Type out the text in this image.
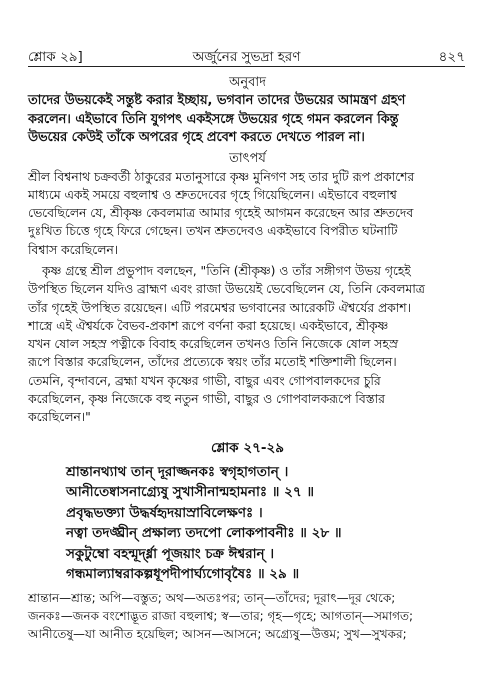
শ্লোক ২৯]	অর্জুনের সুভদ্রা হরণ	৪২৭

অনুবাদ

তাদের উভয়কেই সন্তুষ্ট করার ইচ্ছায়, ভগবান তাদের উভয়ের আমন্ত্রণ গ্রহণ
করলেন। এইভাবে তিনি যুগপৎ একইসঙ্গে উভয়ের গৃহে গমন করলেন কিন্তু
উভয়ের কেউই তাঁকে অপরের গৃহে প্রবেশ করতে দেখতে পারল না।

তাৎপর্য

শ্রীল বিশ্বনাথ চক্রবর্তী ঠাকুরের মতানুসারে কৃষ্ণ মুনিগণ সহ তার দুটি রূপ প্রকাশের
মাধ্যমে একই সময়ে বহুলাশ্ব ও শ্রুতদেবের গৃহে গিয়েছিলেন। এইভাবে বহুলাশ্ব
ভেবেছিলেন যে, শ্রীকৃষ্ণ কেবলমাত্র আমার গৃহেই আগমন করেছেন আর শ্রুতদেব
দুঃখিত চিত্তে গৃহে ফিরে গেছেন। তখন শ্রুতদেবও একইভাবে বিপরীত ঘটনাটি
বিশ্বাস করেছিলেন।

কৃষ্ণ গ্রন্থে শ্রীল প্রভুপাদ বলছেন, "তিনি (শ্রীকৃষ্ণ) ও তাঁর সঙ্গীগণ উভয় গৃহেই
উপস্থিত ছিলেন যদিও ব্রাহ্মণ এবং রাজা উভয়েই ভেবেছিলেন যে, তিনি কেবলমাত্র
তাঁর গৃহেই উপস্থিত রয়েছেন। এটি পরমেশ্বর ভগবানের আরেকটি ঐশ্বর্যের প্রকাশ।
শাস্ত্রে এই ঐশ্বর্যকে বৈভব-প্রকাশ রূপে বর্ণনা করা হয়েছে। একইভাবে, শ্রীকৃষ্ণ
যখন ষোল সহস্র পত্নীকে বিবাহ করেছিলেন তখনও তিনি নিজেকে ষোল সহস্র
রূপে বিস্তার করেছিলেন, তাঁদের প্রত্যেকে স্বয়ং তাঁর মতোই শক্তিশালী ছিলেন।
তেমনি, বৃন্দাবনে, ব্রহ্মা যখন কৃষ্ণের গাভী, বাছুর এবং গোপবালকদের চুরি
করেছিলেন, কৃষ্ণ নিজেকে বহু নতুন গাভী, বাছুর ও গোপবালকরূপে বিস্তার
করেছিলেন।"

শ্লোক ২৭-২৯

শ্রান্তানথ্যাথ তান্ দূরাজ্জনকঃ স্বগৃহাগতান্ ।

আনীতেষ্বাসনাগ্র্যেষু সুখাসীনান্মহামনাঃ ॥ ২৭ ॥

প্রবৃদ্ধভক্ত্যা উদ্ধর্ষহৃদয়াস্রাবিলেক্ষণঃ ।

নত্বা তদঙ্ঘ্রীন্ প্রক্ষাল্য তদপো লোকপাবনীঃ ॥ ২৮ ॥

সকুটুম্বো বহন্মূর্দ্ধ্না পূজয়াং চক্র ঈশ্বরান্ ।

গন্ধমাল্যাম্বরাকল্পধূপদীপার্ঘ্যগোবৃষৈঃ ॥ ২৯ ॥

শ্রান্তান—শ্রান্ত; অপি—বস্তুত; অথ—অতঃপর; তান্—তাঁদের; দূরাৎ—দূর থেকে;
জনকঃ—জনক বংশোদ্ভূত রাজা বহুলাশ্ব; স্ব—তার; গৃহ—গৃহে; আগতান্—সমাগত;
আনীতেষু—যা আনীত হয়েছিল; আসন—আসনে; অগ্র্যেষু—উত্তম; সুখ—সুখকর;
